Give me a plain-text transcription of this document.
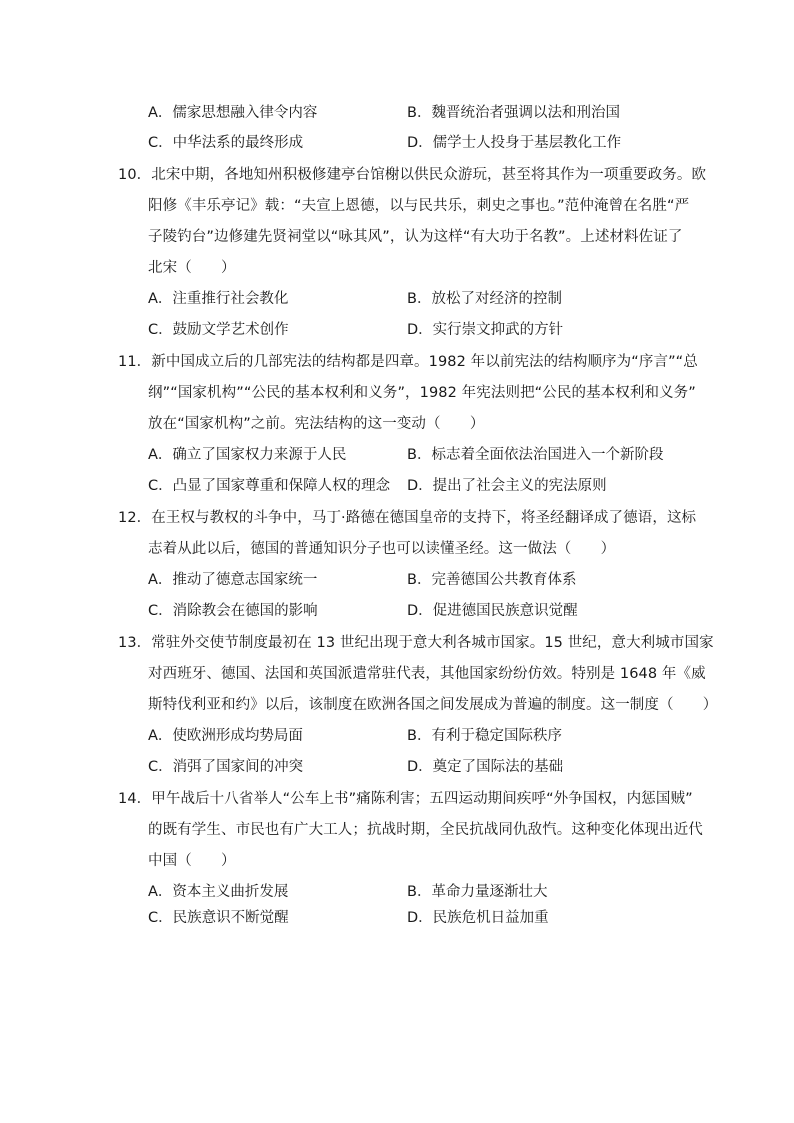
A．儒家思想融入律令内容	B．魏晋统治者强调以法和刑治国
C．中华法系的最终形成	D．儒学士人投身于基层教化工作
10．北宋中期，各地知州积极修建亭台馆榭以供民众游玩，甚至将其作为一项重要政务。欧
阳修《丰乐亭记》载：“夫宣上恩德，以与民共乐，刺史之事也。”范仲淹曾在名胜“严
子陵钓台”边修建先贤祠堂以“咏其风”，认为这样“有大功于名教”。上述材料佐证了
北宋（　　）
A．注重推行社会教化	B．放松了对经济的控制
C．鼓励文学艺术创作	D．实行崇文抑武的方针
11．新中国成立后的几部宪法的结构都是四章。1982 年以前宪法的结构顺序为“序言”“总
纲”“国家机构”“公民的基本权利和义务”，1982 年宪法则把“公民的基本权利和义务”
放在“国家机构”之前。宪法结构的这一变动（　　）
A．确立了国家权力来源于人民	B．标志着全面依法治国进入一个新阶段
C．凸显了国家尊重和保障人权的理念 D．提出了社会主义的宪法原则
12．在王权与教权的斗争中，马丁·路德在德国皇帝的支持下，将圣经翻译成了德语，这标
志着从此以后，德国的普通知识分子也可以读懂圣经。这一做法（　　）
A．推动了德意志国家统一	B．完善德国公共教育体系
C．消除教会在德国的影响	D．促进德国民族意识觉醒
13．常驻外交使节制度最初在 13 世纪出现于意大利各城市国家。15 世纪，意大利城市国家
对西班牙、德国、法国和英国派遣常驻代表，其他国家纷纷仿效。特别是 1648 年《威
斯特伐利亚和约》以后，该制度在欧洲各国之间发展成为普遍的制度。这一制度（　　）
A．使欧洲形成均势局面	B．有利于稳定国际秩序
C．消弭了国家间的冲突	D．奠定了国际法的基础
14．甲午战后十八省举人“公车上书”痛陈利害；五四运动期间疾呼“外争国权，内惩国贼”
的既有学生、市民也有广大工人；抗战时期，全民抗战同仇敌忾。这种变化体现出近代
中国（　　）
A．资本主义曲折发展	B．革命力量逐渐壮大
C．民族意识不断觉醒	D．民族危机日益加重
